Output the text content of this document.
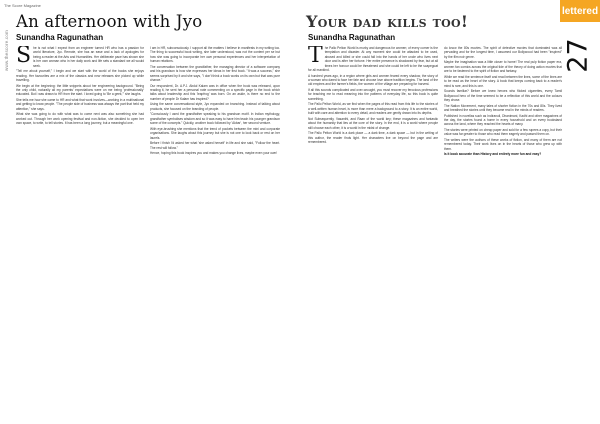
The Score Magazine
www.thescore.com
An afternoon with Jyo
Sunandha Ragunathan

She is not what I expect from an engineer turned HR who has a passion for world literature, Jyo. Remote, she has an ease and a lack of apologies for being a reader at the Arts and Humanities. Her deliberate pace has shown she is her own woman who in her daily work and life sets a standard we all would seek.

"Tell me about yourself," I begin and we start with the world of the books she enjoys reading. Her favourites are a mix of the classics and new releases she picked up while travelling.

We begin at the beginning: the little snippets about her engineering background. "Being the only child, naturally all my parents' expectations were on me being 'professionally' educated. But I was drawn to HR from the start. I loved going to 'Be a geek,'" she laughs.

She tells me how she came to HR and what that work involves—working in a multinational and getting to know people. "The people side of business was always the part that held my attention," she says.

What she was going to do with what was to come next was also something she had worked out. Through her work opening festival and non-fiction, she decided to open her own space, to write, to tell stories. It has been a long journey, but a meaningful one.

I am in HR, subconsciously. I support all the matters I believe in manifests in my writing too. The thing to successful book writing, she later understood, was not the content per se but how she was going to incorporate her own personal experiences and her interpretation of human relations.

The conversation between the grandfather, the managing director of a software company and his grandson is how she expresses her ideas in her first book. "It was a success," she seems surprised by it and she says, "I don't think a book works on its own but that was pure chance."

Our respondent, Dr. A.P.J. Abdul Kalam was in office when the book was released, upon reading it, he sent her a personal note commenting on a specific page in the book which talks about leadership and this 'leapfrog' was born. On an aside, is there no end to the number of people Dr Kalam has inspired?

Using the same conversational style, Jyo expanded on branching. Instead of talking about products, she focused on the branding of people.

"Consciously I used the grandfather speaking to his grandson motif. In Indian mythology, grandfather symbolises wisdom and so it was easy to have him teach his younger grandson some of the concepts." Quickly, another book followed by 'Akbar', her second venture.

With eye-brushing she mentions that the trend of pockets between the mini and corporate organisations. She laughs about this journey but she is not one to look back or rest on her laurels.

Before I finish I'd asked her what 'she asked herself' in life and she said, "Follow the heart. The rest will follow."

Hence, hoping this book inspires you and makes you change lives, maybe even your own!

Your dad kills too!
Sunandha Ragunathan
lettered
27

The Pallo Pelton World is murky and dangerous for women; of every corner is the temptation and disaster. At any moment she could be attacked to be used, abused and killed or she could fall into the hands of her uncle who lives next door and is after her fortune. Her entire presence is shadowed by fear, but at all times her honour could be threatened and she could be left to be the scapegoat for all mankind.

A hundred years ago, in a region where girls and women feared every shadow, the story of a woman who dared to face her fate and choose love above tradition begins. The land of the old empires and the farmer's fields, the women of the village are preparing for harvest.

If all this sounds complicated and over-wrought, you must recover my ferocious professions for teaching me to read meaning into the patterns of everyday life, so this book is quite something.

The Pallo Pelton World, as we find when the pages of this read from this life to the stories of a well-written human heart, is more than mere a background to a story. It is an entire world, built with care and attention to every detail, and readers are gently drawn into its depths.

Not Subsequently, Vasanthi, and Raan of the world key; these magazines and fantastic about the humanity that lies at the core of the story. In the end, it is a world where people still choose each other, it is a world in the midst of change.

The Pallo Pelton World is a dark place — a dark time, a dark space — but in the writing of this author, the reader finds light. Her characters live on beyond the page and are remembered.

do know the 80s movies. The spirit of detective movies that dominated was all pervading and for the longest time, I assumed our Bollywood had been "inspired" by the film noir genre.

Maybe the imagination was a little closer to home! The real pulp fiction paper era, women fan comics across the original tide of the theory of doing action movies that are to be fastened to the spirit of fiction and fantasy.

While we read the sentence itself and read between the lines, some of the lines are to be read as the heart of the story. A book that keeps coming back to a reader's mind is rare, and this is one.

Sounds familiar? Before we knew heroes who flicked cigarettes, every Tamil Bollywood hero of the time seemed to be a reflection of this world and the colours they chose.

The Nation Movement, many tales of shorter fiction in the 70s and 80s. They lived and breathed the stories until they became real in the minds of readers.

Published in novellas such as Indiranuli, Dhanimani, Kadhi and other magazines of the day, the stories found a home in every household and on every bookstand across the land, where they reached the hearts of many.

The stories were printed on cheap paper and sold for a few rupees a copy, but their value was far greater to those who read them eagerly and passed them on.

The writers were the authors of these works of fiction, and many of them are not remembered today. Their work lives on in the hearts of those who grew up with them.

Is it book accurate than History and entirely more fun and easy?
